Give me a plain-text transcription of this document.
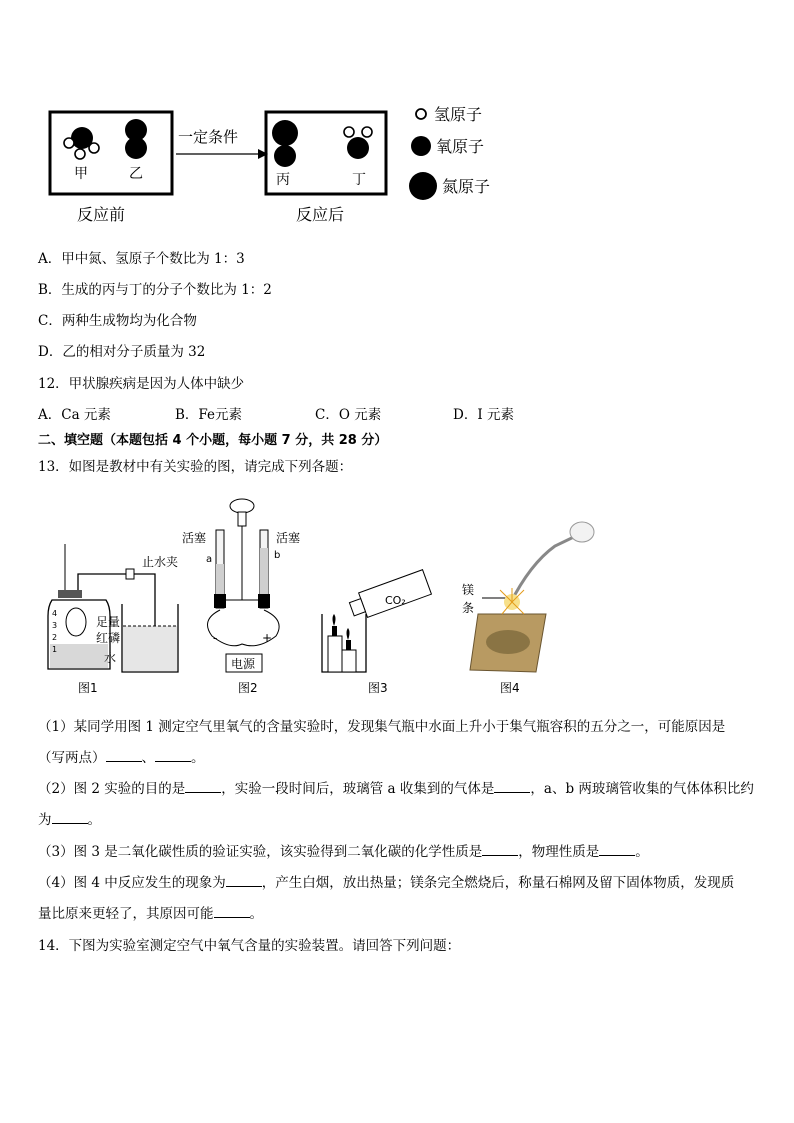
甲	乙
一定条件
丙	丁
反应前	反应后
氢原子
氧原子
氮原子
A．甲中氮、氢原子个数比为 1：3
B．生成的丙与丁的分子个数比为 1：2
C．两种生成物均为化合物
D．乙的相对分子质量为 32
12．甲状腺疾病是因为人体中缺少
A．Ca 元素	B．Fe元素	C．O 元素	D．I 元素
二、填空题（本题包括 4 个小题，每小题 7 分，共 28 分）
13．如图是教材中有关实验的图，请完成下列各题：
4
3
2
1
止水夹
足量
红磷
水
图1
活塞	活塞
a	b
-	+
电源
图2
CO₂
图3
镁
条
图4
（1）某同学用图 1 测定空气里氧气的含量实验时，发现集气瓶中水面上升小于集气瓶容积的五分之一，可能原因是
（写两点）	、	。
（2）图 2 实验的目的是	，实验一段时间后，玻璃管 a 收集到的气体是	，a、b 两玻璃管收集的气体体积比约
为	。
（3）图 3 是二氧化碳性质的验证实验，该实验得到二氧化碳的化学性质是	，物理性质是	。
（4）图 4 中反应发生的现象为	，产生白烟，放出热量；镁条完全燃烧后，称量石棉网及留下固体物质，发现质
量比原来更轻了，其原因可能	。
14．下图为实验室测定空气中氧气含量的实验装置。请回答下列问题：
